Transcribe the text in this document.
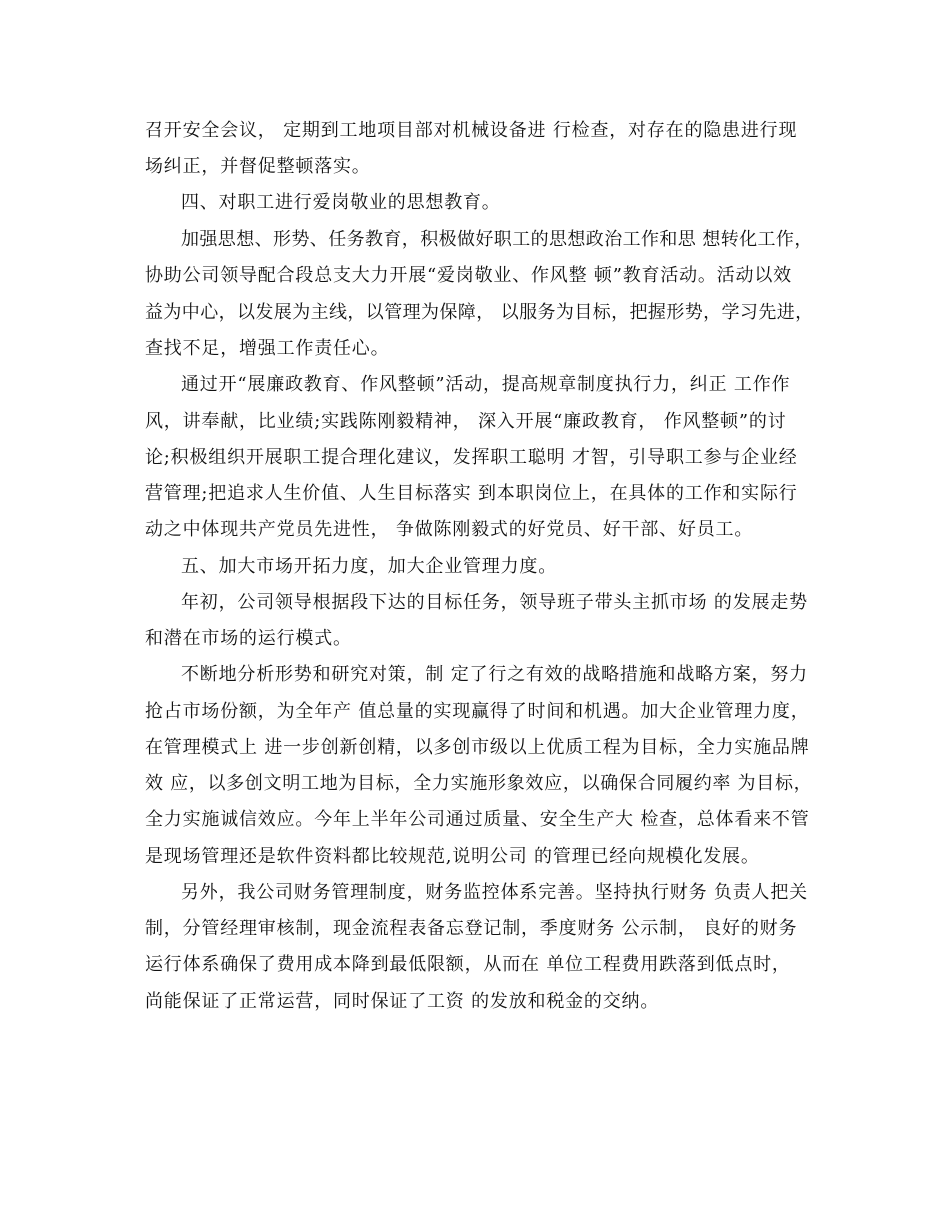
召开安全会议， 定期到工地项目部对机械设备进 行检查，对存在的隐患进行现
场纠正，并督促整顿落实。
四、对职工进行爱岗敬业的思想教育。
加强思想、形势、任务教育，积极做好职工的思想政治工作和思 想转化工作，
协助公司领导配合段总支大力开展“爱岗敬业、作风整 顿”教育活动。活动以效
益为中心，以发展为主线，以管理为保障， 以服务为目标，把握形势，学习先进，
查找不足，增强工作责任心。
通过开“展廉政教育、作风整顿”活动，提高规章制度执行力，纠正 工作作
风，讲奉献，比业绩;实践陈刚毅精神， 深入开展“廉政教育， 作风整顿”的讨
论;积极组织开展职工提合理化建议，发挥职工聪明 才智，引导职工参与企业经
营管理;把追求人生价值、人生目标落实 到本职岗位上，在具体的工作和实际行
动之中体现共产党员先进性， 争做陈刚毅式的好党员、好干部、好员工。
五、加大市场开拓力度，加大企业管理力度。
年初，公司领导根据段下达的目标任务，领导班子带头主抓市场 的发展走势
和潜在市场的运行模式。
不断地分析形势和研究对策，制 定了行之有效的战略措施和战略方案，努力
抢占市场份额，为全年产 值总量的实现赢得了时间和机遇。加大企业管理力度，
在管理模式上 进一步创新创精，以多创市级以上优质工程为目标，全力实施品牌
效 应，以多创文明工地为目标，全力实施形象效应，以确保合同履约率 为目标，
全力实施诚信效应。今年上半年公司通过质量、安全生产大 检查，总体看来不管
是现场管理还是软件资料都比较规范,说明公司 的管理已经向规模化发展。
另外，我公司财务管理制度，财务监控体系完善。坚持执行财务 负责人把关
制，分管经理审核制，现金流程表备忘登记制，季度财务 公示制， 良好的财务
运行体系确保了费用成本降到最低限额，从而在 单位工程费用跌落到低点时，
尚能保证了正常运营，同时保证了工资 的发放和税金的交纳。
